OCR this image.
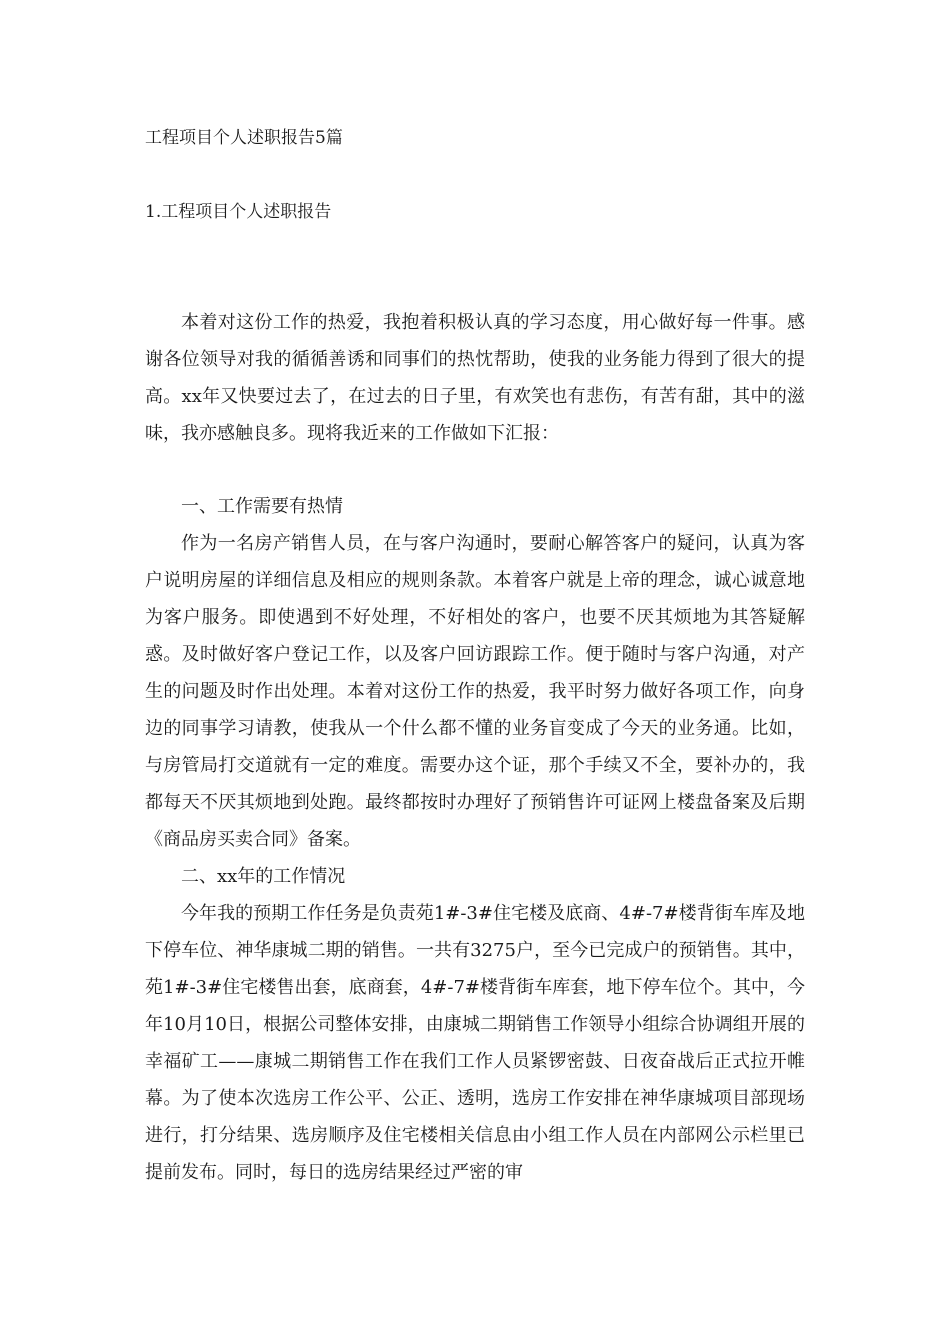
工程项目个人述职报告5篇
1.工程项目个人述职报告

本着对这份工作的热爱，我抱着积极认真的学习态度，用心做好每一件事。感谢各位领导对我的循循善诱和同事们的热忱帮助，使我的业务能力得到了很大的提高。xx年又快要过去了，在过去的日子里，有欢笑也有悲伤，有苦有甜，其中的滋味，我亦感触良多。现将我近来的工作做如下汇报：

一、工作需要有热情

作为一名房产销售人员，在与客户沟通时，要耐心解答客户的疑问，认真为客户说明房屋的详细信息及相应的规则条款。本着客户就是上帝的理念，诚心诚意地为客户服务。即使遇到不好处理，不好相处的客户，也要不厌其烦地为其答疑解惑。及时做好客户登记工作，以及客户回访跟踪工作。便于随时与客户沟通，对产生的问题及时作出处理。本着对这份工作的热爱，我平时努力做好各项工作，向身边的同事学习请教，使我从一个什么都不懂的业务盲变成了今天的业务通。比如，与房管局打交道就有一定的难度。需要办这个证，那个手续又不全，要补办的，我都每天不厌其烦地到处跑。最终都按时办理好了预销售许可证网上楼盘备案及后期《商品房买卖合同》备案。

二、xx年的工作情况

今年我的预期工作任务是负责苑1#-3#住宅楼及底商、4#-7#楼背街车库及地下停车位、神华康城二期的销售。一共有3275户，至今已完成户的预销售。其中，苑1#-3#住宅楼售出套，底商套，4#-7#楼背街车库套，地下停车位个。其中，今年10月10日，根据公司整体安排，由康城二期销售工作领导小组综合协调组开展的幸福矿工——康城二期销售工作在我们工作人员紧锣密鼓、日夜奋战后正式拉开帷幕。为了使本次选房工作公平、公正、透明，选房工作安排在神华康城项目部现场进行，打分结果、选房顺序及住宅楼相关信息由小组工作人员在内部网公示栏里已提前发布。同时，每日的选房结果经过严密的审
